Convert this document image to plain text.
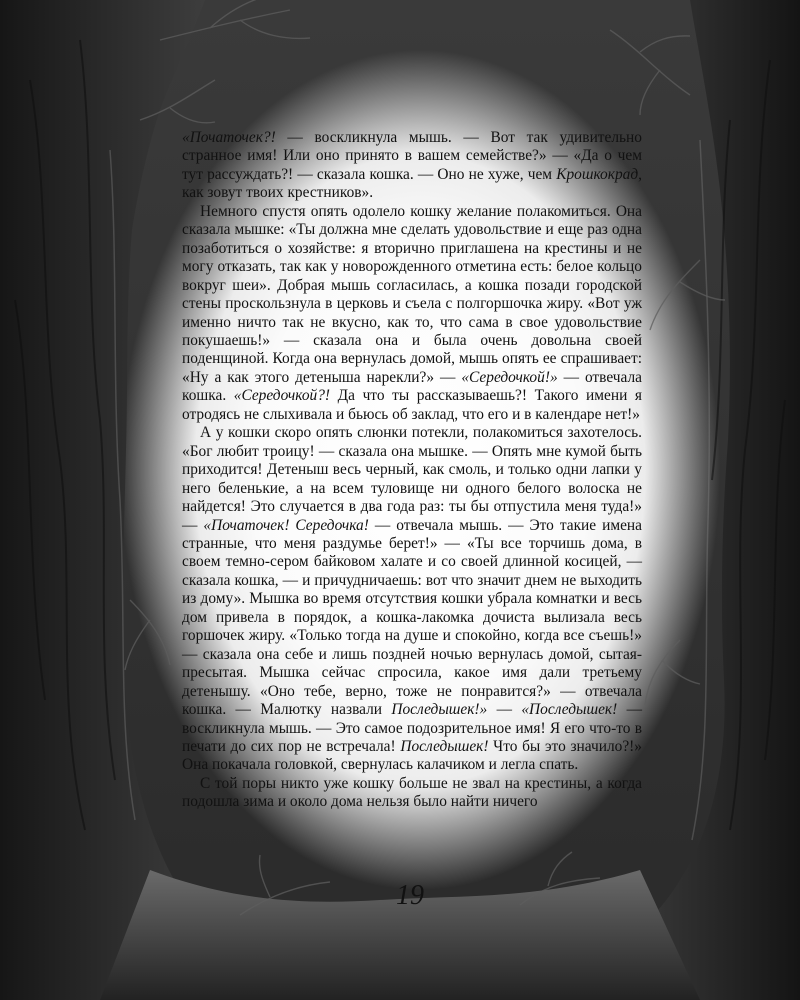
«Початочек?! — воскликнула мышь. — Вот так удивительно странное имя! Или оно принято в вашем семействе?» — «Да о чем тут рассуждать?! — сказала кошка. — Оно не хуже, чем Крошкокрад, как зовут твоих крестников».

Немного спустя опять одолело кошку желание полакомиться. Она сказала мышке: «Ты должна мне сделать удовольствие и еще раз одна позаботиться о хозяйстве: я вторично приглашена на крестины и не могу отказать, так как у новорожденного отметина есть: белое кольцо вокруг шеи». Добрая мышь согласилась, а кошка позади городской стены проскользнула в церковь и съела с полгоршочка жиру. «Вот уж именно ничто так не вкусно, как то, что сама в свое удовольствие покушаешь!» — сказала она и была очень довольна своей поденщиной. Когда она вернулась домой, мышь опять ее спрашивает: «Ну а как этого детеныша нарекли?» — «Середочкой!» — отвечала кошка. «Середочкой?! Да что ты рассказываешь?! Такого имени я отродясь не слыхивала и бьюсь об заклад, что его и в календаре нет!»

А у кошки скоро опять слюнки потекли, полакомиться захотелось. «Бог любит троицу! — сказала она мышке. — Опять мне кумой быть приходится! Детеныш весь черный, как смоль, и только одни лапки у него беленькие, а на всем туловище ни одного белого волоска не найдется! Это случается в два года раз: ты бы отпустила меня туда!» — «Початочек! Середочка! — отвечала мышь. — Это такие имена странные, что меня раздумье берет!» — «Ты все торчишь дома, в своем темно-сером байковом халате и со своей длинной косицей, — сказала кошка, — и причудничаешь: вот что значит днем не выходить из дому». Мышка во время отсутствия кошки убрала комнатки и весь дом привела в порядок, а кошка-лакомка дочиста вылизала весь горшочек жиру. «Только тогда на душе и спокойно, когда все съешь!» — сказала она себе и лишь поздней ночью вернулась домой, сытая-пресытая. Мышка сейчас спросила, какое имя дали третьему детенышу. «Оно тебе, верно, тоже не понравится?» — отвечала кошка. — Малютку назвали Последышек!» — «Последышек! — воскликнула мышь. — Это самое подозрительное имя! Я его что-то в печати до сих пор не встречала! Последышек! Что бы это значило?!» Она покачала головкой, свернулась калачиком и легла спать.

С той поры никто уже кошку больше не звал на крестины, а когда подошла зима и около дома нельзя было найти ничего

19
